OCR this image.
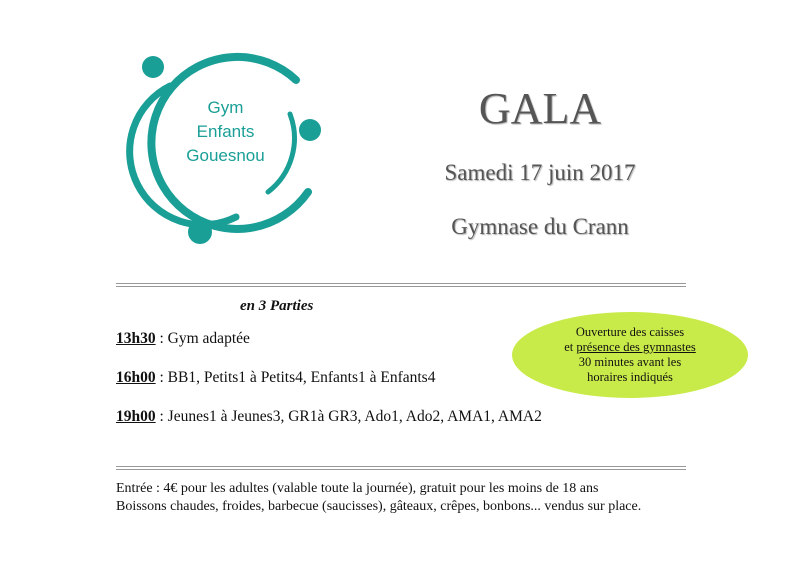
Gym
Enfants
Gouesnou
GALA
Samedi 17 juin 2017
Gymnase du Crann
en 3 Parties
13h30 : Gym adaptée
16h00 : BB1, Petits1 à Petits4, Enfants1 à Enfants4
19h00 : Jeunes1 à Jeunes3, GR1à GR3, Ado1, Ado2, AMA1, AMA2
Ouverture des caisses
et présence des gymnastes
30 minutes avant les
horaires indiqués
Entrée : 4€ pour les adultes (valable toute la journée), gratuit pour les moins de 18 ans
Boissons chaudes, froides, barbecue (saucisses), gâteaux, crêpes, bonbons... vendus sur place.
